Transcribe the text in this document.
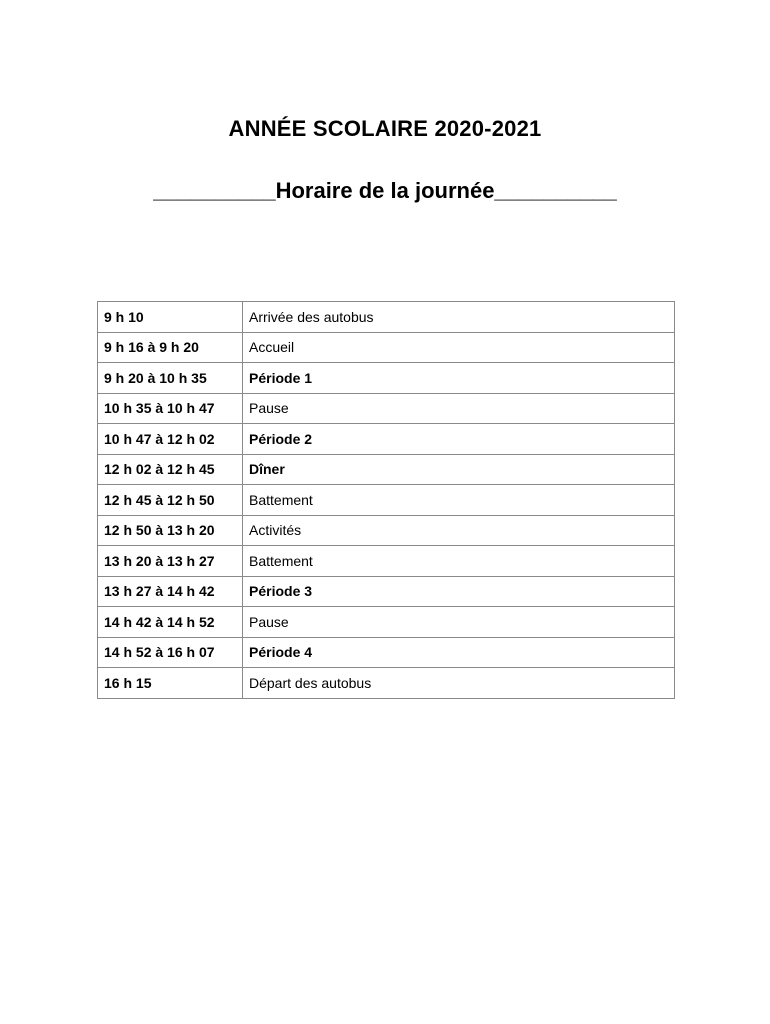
ANNÉE SCOLAIRE 2020-2021
__________Horaire de la journée__________
9 h 10	Arrivée des autobus
9 h 16 à 9 h 20	Accueil
9 h 20 à 10 h 35	Période 1
10 h 35 à 10 h 47	Pause
10 h 47 à 12 h 02	Période 2
12 h 02 à 12 h 45	Dîner
12 h 45 à 12 h 50	Battement
12 h 50 à 13 h 20	Activités
13 h 20 à 13 h 27	Battement
13 h 27 à 14 h 42	Période 3
14 h 42 à 14 h 52	Pause
14 h 52 à 16 h 07	Période 4
16 h 15	Départ des autobus
